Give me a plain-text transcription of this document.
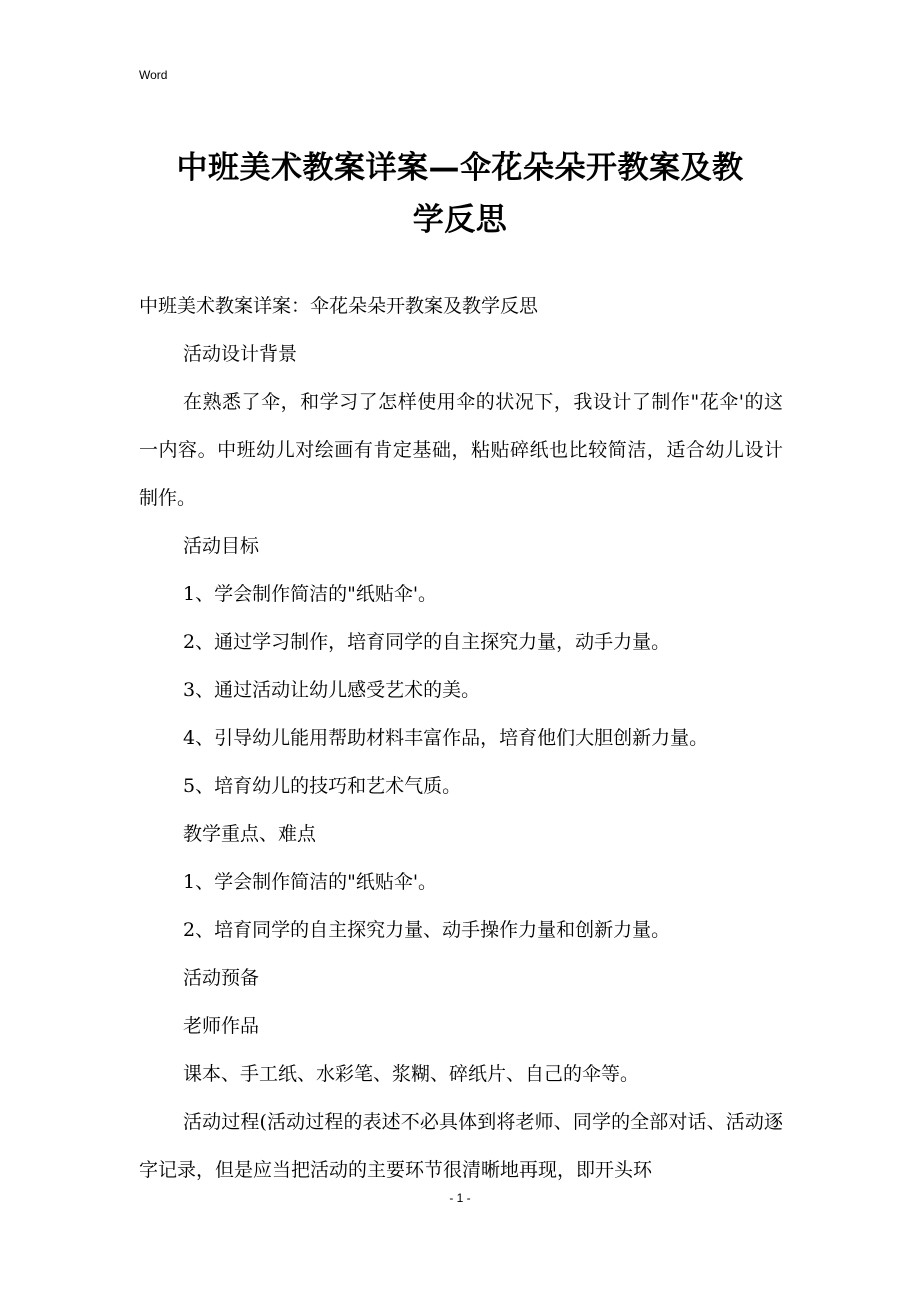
Word
中班美术教案详案—伞花朵朵开教案及教
学反思

中班美术教案详案：伞花朵朵开教案及教学反思

活动设计背景

在熟悉了伞，和学习了怎样使用伞的状况下，我设计了制作"花伞'的这一内容。中班幼儿对绘画有肯定基础，粘贴碎纸也比较简洁，适合幼儿设计制作。

活动目标

1、学会制作简洁的"纸贴伞'。

2、通过学习制作，培育同学的自主探究力量，动手力量。

3、通过活动让幼儿感受艺术的美。

4、引导幼儿能用帮助材料丰富作品，培育他们大胆创新力量。

5、培育幼儿的技巧和艺术气质。

教学重点、难点

1、学会制作简洁的"纸贴伞'。

2、培育同学的自主探究力量、动手操作力量和创新力量。

活动预备

老师作品

课本、手工纸、水彩笔、浆糊、碎纸片、自己的伞等。

活动过程(活动过程的表述不必具体到将老师、同学的全部对话、活动逐字记录，但是应当把活动的主要环节很清晰地再现，即开头环

- 1 -
